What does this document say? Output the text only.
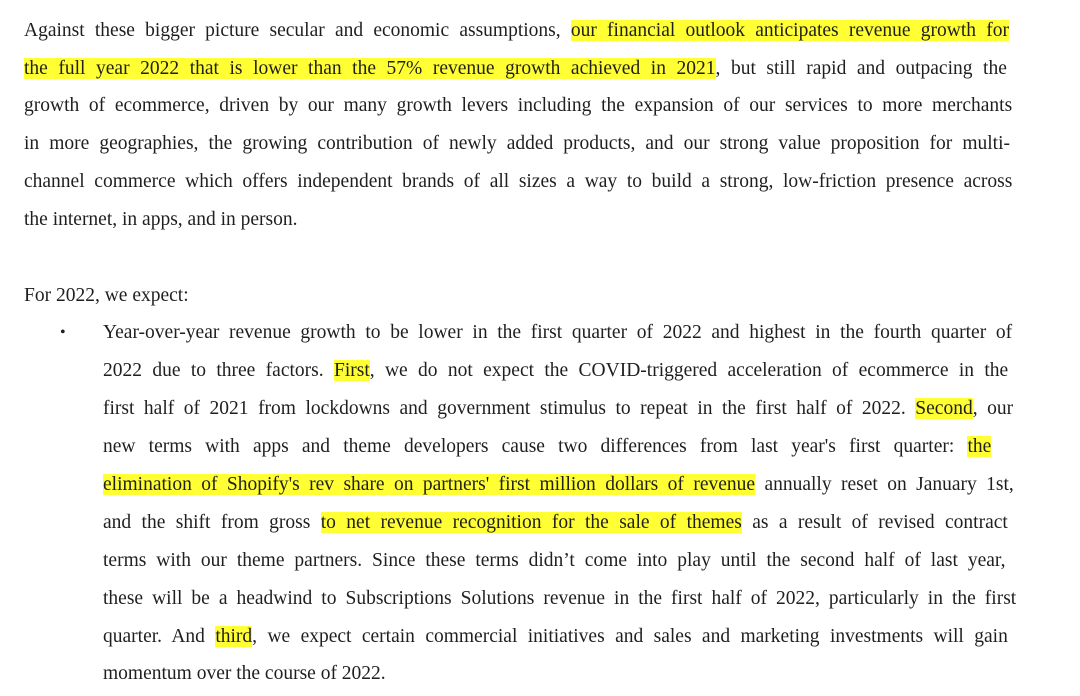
Against these bigger picture secular and economic assumptions, our financial outlook anticipates revenue growth for
the full year 2022 that is lower than the 57% revenue growth achieved in 2021, but still rapid and outpacing the
growth of ecommerce, driven by our many growth levers including the expansion of our services to more merchants
in more geographies, the growing contribution of newly added products, and our strong value proposition for multi-
channel commerce which offers independent brands of all sizes a way to build a strong, low-friction presence across
the internet, in apps, and in person.
For 2022, we expect:
• Year-over-year revenue growth to be lower in the first quarter of 2022 and highest in the fourth quarter of
2022 due to three factors. First, we do not expect the COVID-triggered acceleration of ecommerce in the
first half of 2021 from lockdowns and government stimulus to repeat in the first half of 2022. Second, our
new terms with apps and theme developers cause two differences from last year's first quarter: the
elimination of Shopify's rev share on partners' first million dollars of revenue annually reset on January 1st,
and the shift from gross to net revenue recognition for the sale of themes as a result of revised contract
terms with our theme partners. Since these terms didn’t come into play until the second half of last year,
these will be a headwind to Subscriptions Solutions revenue in the first half of 2022, particularly in the first
quarter. And third, we expect certain commercial initiatives and sales and marketing investments will gain
momentum over the course of 2022.
